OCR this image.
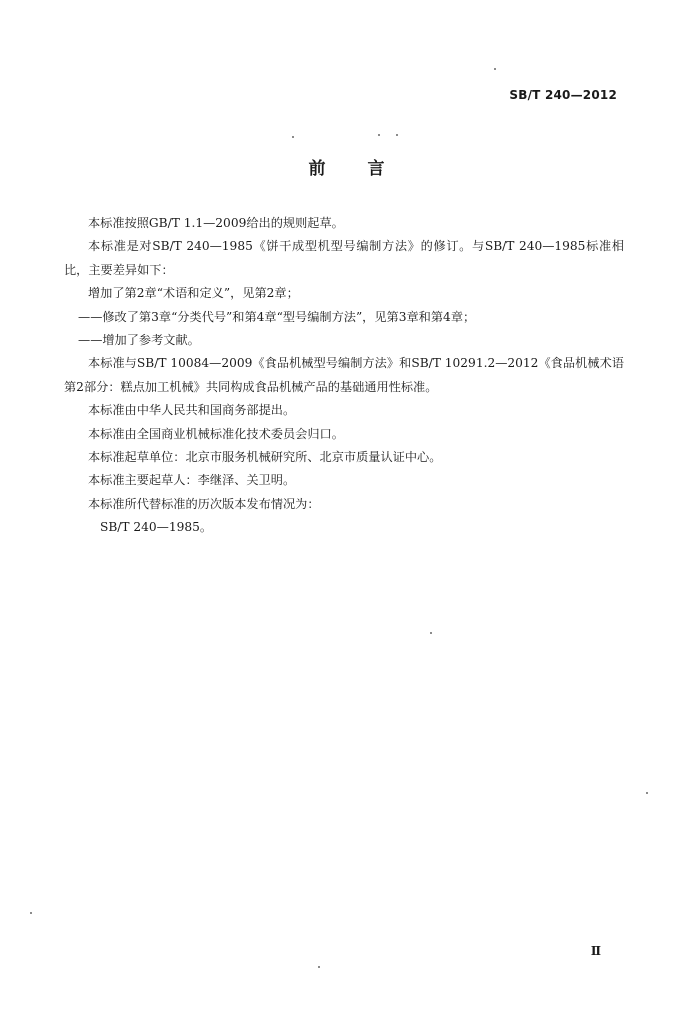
SB/T 240—2012
前言

本标准按照GB/T 1.1—2009给出的规则起草。

本标准是对SB/T 240—1985《饼干成型机型号编制方法》的修订。与SB/T 240—1985标准相比，主要差异如下：

增加了第2章“术语和定义”，见第2章；

——修改了第3章“分类代号”和第4章“型号编制方法”，见第3章和第4章；

——增加了参考文献。

本标准与SB/T 10084—2009《食品机械型号编制方法》和SB/T 10291.2—2012《食品机械术语 第2部分：糕点加工机械》共同构成食品机械产品的基础通用性标准。

本标准由中华人民共和国商务部提出。

本标准由全国商业机械标准化技术委员会归口。

本标准起草单位：北京市服务机械研究所、北京市质量认证中心。

本标准主要起草人：李继泽、关卫明。

本标准所代替标准的历次版本发布情况为：

SB/T 240—1985。

Ⅱ
